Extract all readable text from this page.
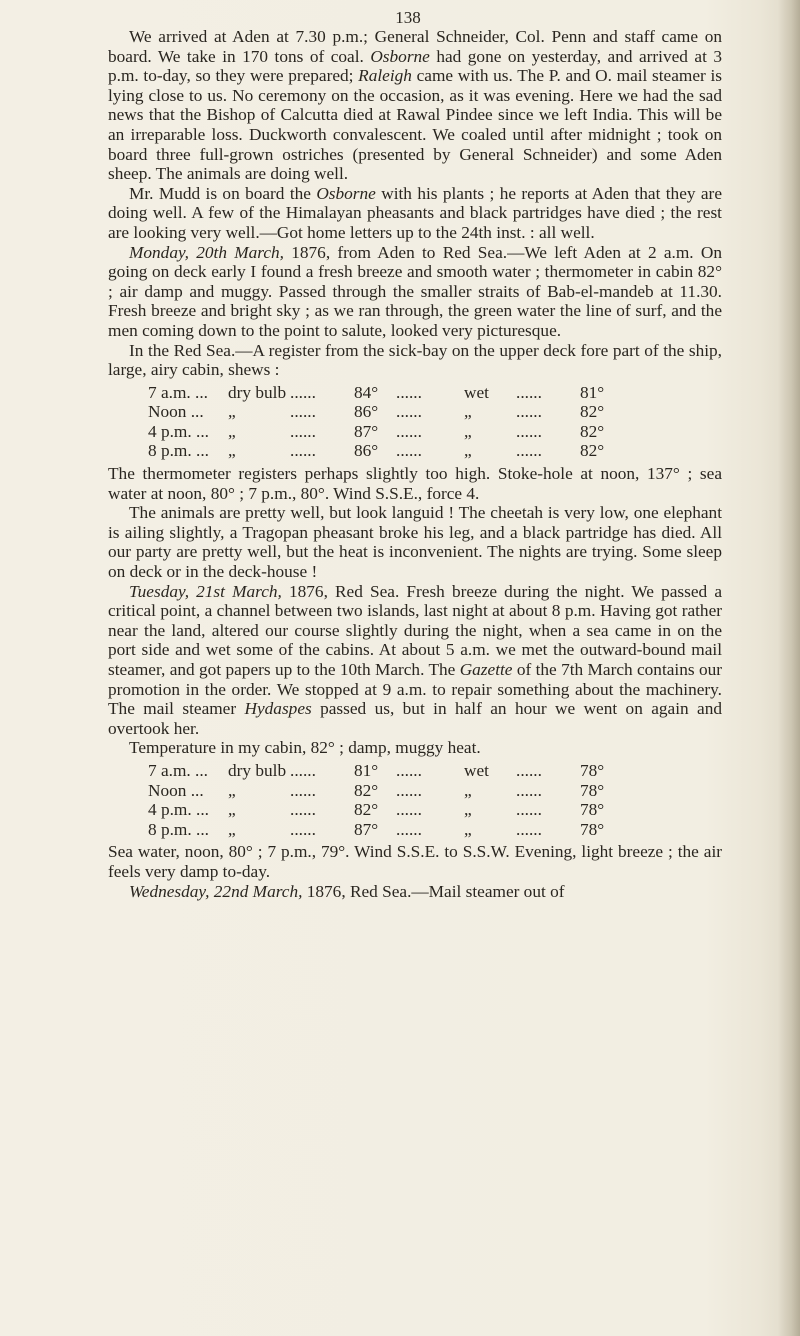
138

We arrived at Aden at 7.30 p.m.; General Schneider, Col. Penn and staff came on board. We take in 170 tons of coal. Osborne had gone on yesterday, and arrived at 3 p.m. to-day, so they were prepared; Raleigh came with us. The P. and O. mail steamer is lying close to us. No ceremony on the occasion, as it was evening. Here we had the sad news that the Bishop of Calcutta died at Rawal Pindee since we left India. This will be an irreparable loss. Duckworth convalescent. We coaled until after midnight ; took on board three full-grown ostriches (presented by General Schneider) and some Aden sheep. The animals are doing well.

Mr. Mudd is on board the Osborne with his plants ; he reports at Aden that they are doing well. A few of the Himalayan pheasants and black partridges have died ; the rest are looking very well.—Got home letters up to the 24th inst. : all well.

Monday, 20th March, 1876, from Aden to Red Sea.—We left Aden at 2 a.m. On going on deck early I found a fresh breeze and smooth water ; thermometer in cabin 82° ; air damp and muggy. Passed through the smaller straits of Bab-el-mandeb at 11.30. Fresh breeze and bright sky ; as we ran through, the green water the line of surf, and the men coming down to the point to salute, looked very picturesque.

In the Red Sea.—A register from the sick-bay on the upper deck fore part of the ship, large, airy cabin, shews :

7 a.m. ...	dry bulb ......	84° ......	wet ......	81°
Noon ...	„	......	86° ......	„	......	82°
4 p.m. ...	„	......	87° ......	„	......	82°
8 p.m. ...	„	......	86° ......	„	......	82°

The thermometer registers perhaps slightly too high. Stoke-hole at noon, 137° ; sea water at noon, 80° ; 7 p.m., 80°. Wind S.S.E., force 4.

The animals are pretty well, but look languid ! The cheetah is very low, one elephant is ailing slightly, a Tragopan pheasant broke his leg, and a black partridge has died. All our party are pretty well, but the heat is inconvenient. The nights are trying. Some sleep on deck or in the deck-house !

Tuesday, 21st March, 1876, Red Sea. Fresh breeze during the night. We passed a critical point, a channel between two islands, last night at about 8 p.m. Having got rather near the land, altered our course slightly during the night, when a sea came in on the port side and wet some of the cabins. At about 5 a.m. we met the outward-bound mail steamer, and got papers up to the 10th March. The Gazette of the 7th March contains our promotion in the order. We stopped at 9 a.m. to repair something about the machinery. The mail steamer Hydaspes passed us, but in half an hour we went on again and overtook her.

Temperature in my cabin, 82° ; damp, muggy heat.

7 a.m. ...	dry bulb ......	81° ......	wet ......	78°
Noon ...	„	......	82° ......	„	......	78°
4 p.m. ...	„	......	82° ......	„	......	78°
8 p.m. ...	„	......	87° ......	„	......	78°

Sea water, noon, 80° ; 7 p.m., 79°. Wind S.S.E. to S.S.W. Evening, light breeze ; the air feels very damp to-day.

Wednesday, 22nd March, 1876, Red Sea.—Mail steamer out of
